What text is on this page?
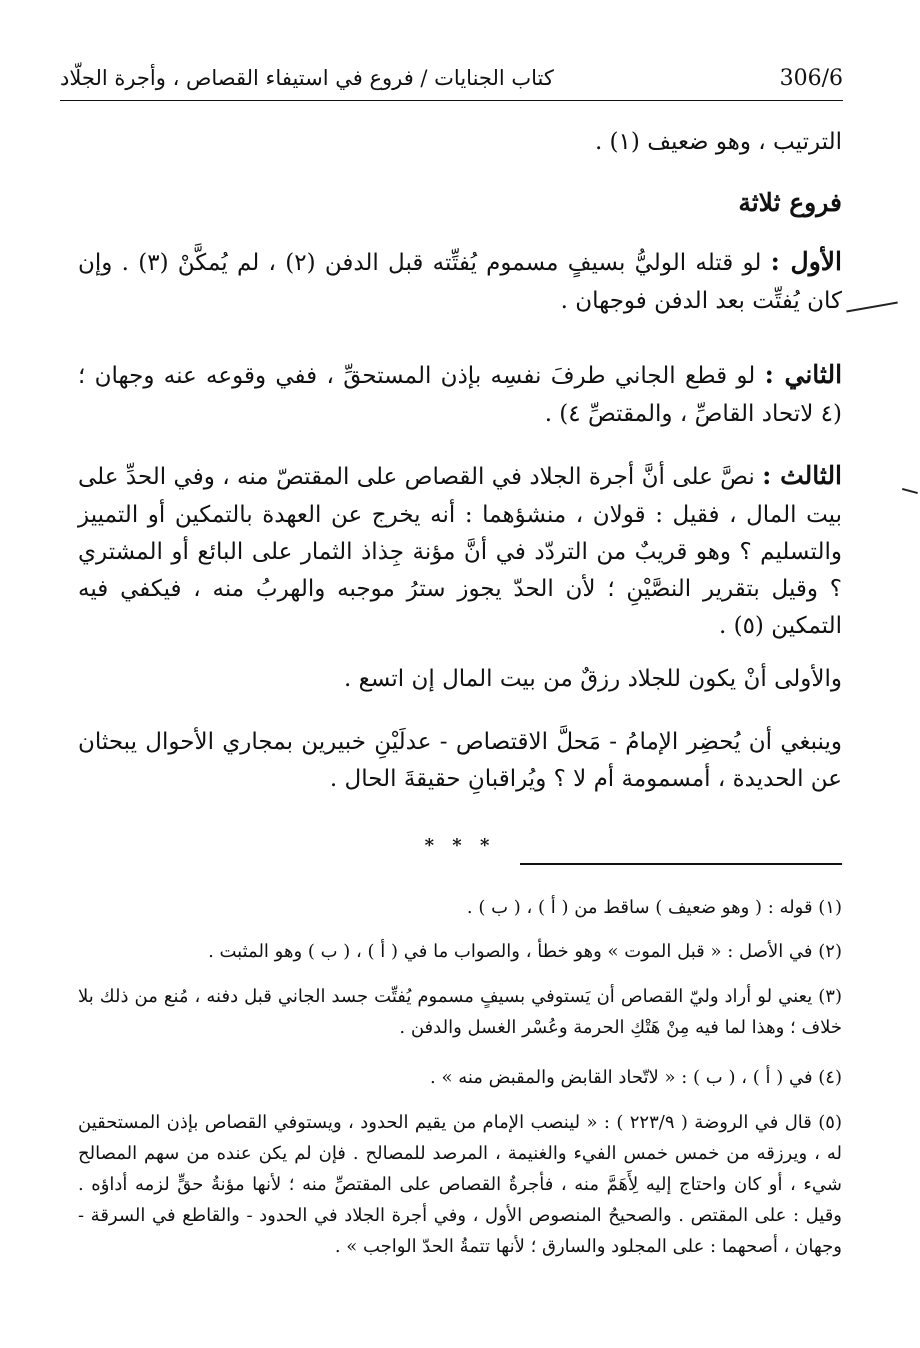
306/6
كتاب الجنايات / فروع في استيفاء القصاص ، وأجرة الجلّاد
الترتيب ، وهو ضعيف (١) .
فروع ثلاثة
الأول : لو قتله الوليُّ بسيفٍ مسموم يُفتِّته قبل الدفن (٢) ، لم يُمكَّنْ (٣) . وإن كان يُفتِّت بعد الدفن فوجهان .
الثاني : لو قطع الجاني طرفَ نفسِه بإذن المستحقِّ ، ففي وقوعه عنه وجهان ؛ (٤ لاتحاد القاصِّ ، والمقتصِّ ٤) .
الثالث : نصَّ على أنَّ أجرة الجلاد في القصاص على المقتصّ منه ، وفي الحدِّ على بيت المال ، فقيل : قولان ، منشؤهما : أنه يخرج عن العهدة بالتمكين أو التمييز والتسليم ؟ وهو قريبٌ من التردّد في أنَّ مؤنة جِذاذ الثمار على البائع أو المشتري ؟ وقيل بتقرير النصَّيْنِ ؛ لأن الحدّ يجوز سترُ موجبه والهربُ منه ، فيكفي فيه التمكين (٥) .
والأولى أنْ يكون للجلاد رزقٌ من بيت المال إن اتسع .
وينبغي أن يُحضِر الإمامُ - مَحلَّ الاقتصاص - عدلَيْنِ خبيرين بمجاري الأحوال يبحثان عن الحديدة ، أمسمومة أم لا ؟ ويُراقبانِ حقيقةَ الحال .
* * *
(١) قوله : ( وهو ضعيف ) ساقط من ( أ ) ، ( ب ) .
(٢) في الأصل : « قبل الموت » وهو خطأ ، والصواب ما في ( أ ) ، ( ب ) وهو المثبت .
(٣) يعني لو أراد وليّ القصاص أن يَستوفي بسيفٍ مسموم يُفتِّت جسد الجاني قبل دفنه ، مُنع من ذلك بلا خلاف ؛ وهذا لما فيه مِنْ هَتْكِ الحرمة وعُسْر الغسل والدفن .
(٤) في ( أ ) ، ( ب ) : « لاتّحاد القابض والمقبض منه » .
(٥) قال في الروضة ( ٢٢٣/٩ ) : « لينصب الإمام من يقيم الحدود ، ويستوفي القصاص بإذن المستحقين له ، ويرزقه من خمس خمس الفيء والغنيمة ، المرصد للمصالح . فإن لم يكن عنده من سهم المصالح شيء ، أو كان واحتاج إليه لِأَهَمَّ منه ، فأجرةُ القصاص على المقتصِّ منه ؛ لأنها مؤنةُ حقٍّ لزمه أداؤه . وقيل : على المقتص . والصحيحُ المنصوص الأول ، وفي أجرة الجلاد في الحدود - والقاطع في السرقة - وجهان ، أصحهما : على المجلود والسارق ؛ لأنها تتمةُ الحدّ الواجب » .
